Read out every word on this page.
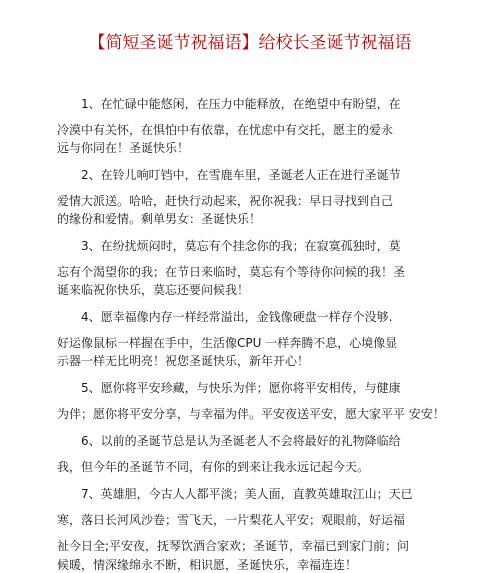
【简短圣诞节祝福语】给校长圣诞节祝福语
1、在忙碌中能悠闲，在压力中能释放，在绝望中有盼望，在
冷漠中有关怀，在惧怕中有依靠，在忧虑中有交托，愿主的爱永
远与你同在！圣诞快乐！
2、在铃儿响叮铛中，在雪鹿车里，圣诞老人正在进行圣诞节
爱情大派送。哈哈，赶快行动起来，祝你祝我：早日寻找到自己
的缘份和爱情。剩单男女：圣诞快乐！
3、在纷扰烦闷时，莫忘有个挂念你的我；在寂寞孤独时，莫
忘有个渴望你的我；在节日来临时，莫忘有个等待你问候的我！圣
诞来临祝你快乐，莫忘还要问候我！
4、愿幸福像内存一样经常溢出，金钱像硬盘一样存个没够.
好运像鼠标一样握在手中，生活像CPU 一样奔腾不息，心境像显
示器一样无比明亮！祝您圣诞快乐，新年开心！
5、愿你将平安珍藏，与快乐为伴；愿你将平安相传，与健康
为伴；愿你将平安分享，与幸福为伴。平安夜送平安，愿大家平平 安安！
6、以前的圣诞节总是认为圣诞老人不会将最好的礼物降临给
我，但今年的圣诞节不同，有你的到来让我永远记起今天。
7、英雄胆，今古人人都平淡；美人面，直教英雄取江山；天已
寒，落日长河风沙卷；雪飞天，一片梨花人平安；观眼前，好运福
祉今日全;平安夜，抚琴饮酒合家欢；圣诞节，幸福已到家门前；问
候暖，情深缘绵永不断，相识愿，圣诞快乐，幸福连连！
